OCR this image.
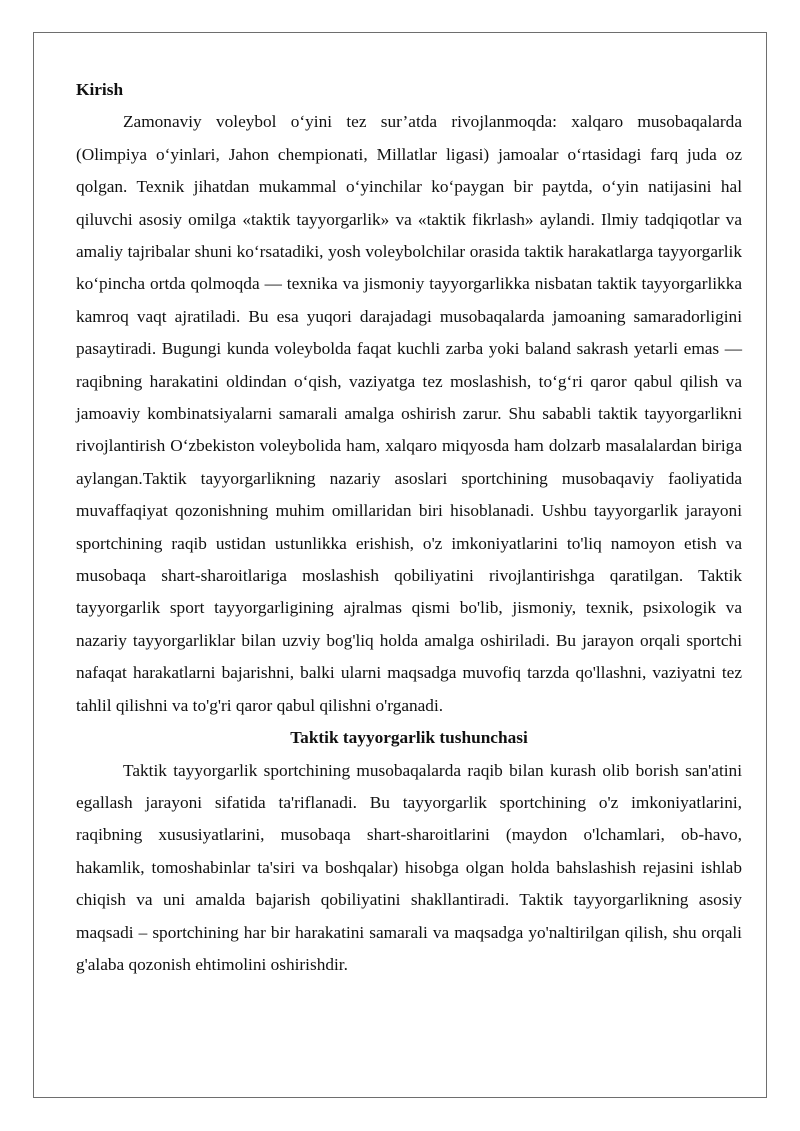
Kirish

Zamonaviy voleybol o‘yini tez sur’atda rivojlanmoqda: xalqaro musobaqalarda (Olimpiya o‘yinlari, Jahon chempionati, Millatlar ligasi) jamoalar o‘rtasidagi farq juda oz qolgan. Texnik jihatdan mukammal o‘yinchilar ko‘paygan bir paytda, o‘yin natijasini hal qiluvchi asosiy omilga «taktik tayyorgarlik» va «taktik fikrlash» aylandi. Ilmiy tadqiqotlar va amaliy tajribalar shuni ko‘rsatadiki, yosh voleybolchilar orasida taktik harakatlarga tayyorgarlik ko‘pincha ortda qolmoqda — texnika va jismoniy tayyorgarlikka nisbatan taktik tayyorgarlikka kamroq vaqt ajratiladi. Bu esa yuqori darajadagi musobaqalarda jamoaning samaradorligini pasaytiradi. Bugungi kunda voleybolda faqat kuchli zarba yoki baland sakrash yetarli emas — raqibning harakatini oldindan o‘qish, vaziyatga tez moslashish, to‘g‘ri qaror qabul qilish va jamoaviy kombinatsiyalarni samarali amalga oshirish zarur. Shu sababli taktik tayyorgarlikni rivojlantirish O‘zbekiston voleybolida ham, xalqaro miqyosda ham dolzarb masalalardan biriga aylangan.Taktik tayyorgarlikning nazariy asoslari sportchining musobaqaviy faoliyatida muvaffaqiyat qozonishning muhim omillaridan biri hisoblanadi. Ushbu tayyorgarlik jarayoni sportchining raqib ustidan ustunlikka erishish, o'z imkoniyatlarini to'liq namoyon etish va musobaqa shart-sharoitlariga moslashish qobiliyatini rivojlantirishga qaratilgan. Taktik tayyorgarlik sport tayyorgarligining ajralmas qismi bo'lib, jismoniy, texnik, psixologik va nazariy tayyorgarliklar bilan uzviy bog'liq holda amalga oshiriladi. Bu jarayon orqali sportchi nafaqat harakatlarni bajarishni, balki ularni maqsadga muvofiq tarzda qo'llashni, vaziyatni tez tahlil qilishni va to'g'ri qaror qabul qilishni o'rganadi.

Taktik tayyorgarlik tushunchasi

Taktik tayyorgarlik sportchining musobaqalarda raqib bilan kurash olib borish san'atini egallash jarayoni sifatida ta'riflanadi. Bu tayyorgarlik sportchining o'z imkoniyatlarini, raqibning xususiyatlarini, musobaqa shart-sharoitlarini (maydon o'lchamlari, ob-havo, hakamlik, tomoshabinlar ta'siri va boshqalar) hisobga olgan holda bahslashish rejasini ishlab chiqish va uni amalda bajarish qobiliyatini shakllantiradi. Taktik tayyorgarlikning asosiy maqsadi – sportchining har bir harakatini samarali va maqsadga yo'naltirilgan qilish, shu orqali g'alaba qozonish ehtimolini oshirishdir.
